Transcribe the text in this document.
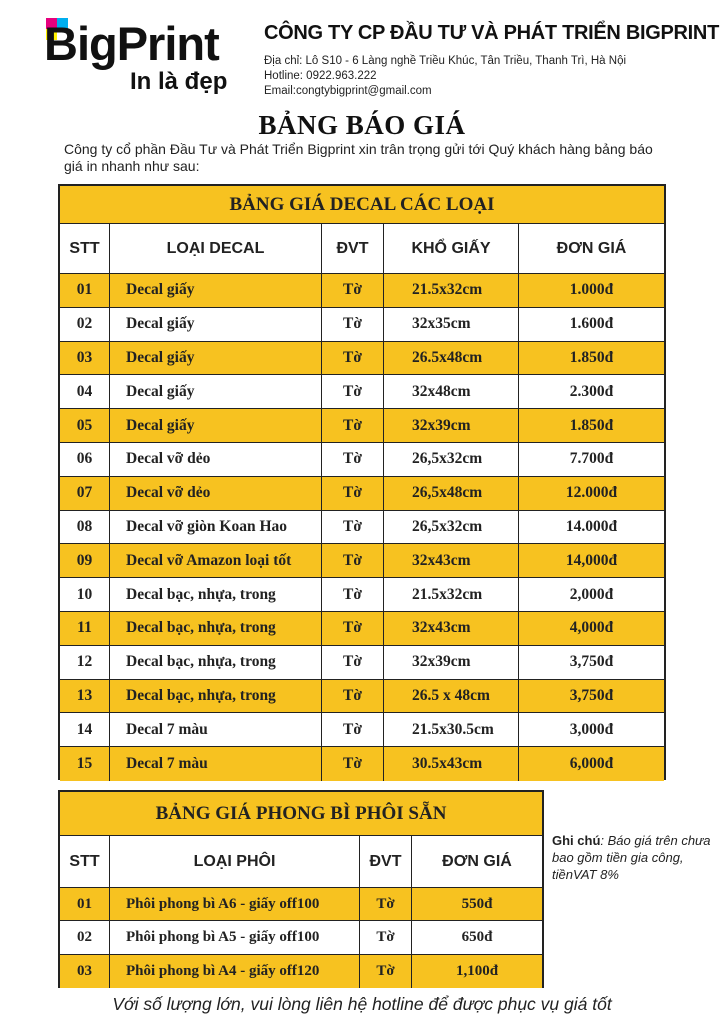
BigPrint
In là đẹp
CÔNG TY CP ĐẦU TƯ VÀ PHÁT TRIỂN BIGPRINT
Địa chỉ: Lô S10 - 6 Làng nghề Triều Khúc, Tân Triều, Thanh Trì, Hà Nội
Hotline: 0922.963.222
Email:congtybigprint@gmail.com
BẢNG BÁO GIÁ
Công ty cổ phần Đầu Tư và Phát Triển Bigprint xin trân trọng gửi tới Quý khách hàng bảng báo giá in nhanh như sau:
BẢNG GIÁ DECAL CÁC LOẠI
STT	LOẠI DECAL	ĐVT	KHỔ GIẤY	ĐƠN GIÁ
01	Decal giấy	Tờ	21.5x32cm	1.000đ
02	Decal giấy	Tờ	32x35cm	1.600đ
03	Decal giấy	Tờ	26.5x48cm	1.850đ
04	Decal giấy	Tờ	32x48cm	2.300đ
05	Decal giấy	Tờ	32x39cm	1.850đ
06	Decal vỡ dẻo	Tờ	26,5x32cm	7.700đ
07	Decal vỡ dẻo	Tờ	26,5x48cm	12.000đ
08	Decal vỡ giòn Koan Hao	Tờ	26,5x32cm	14.000đ
09	Decal vỡ Amazon loại tốt	Tờ	32x43cm	14,000đ
10	Decal bạc, nhựa, trong	Tờ	21.5x32cm	2,000đ
11	Decal bạc, nhựa, trong	Tờ	32x43cm	4,000đ
12	Decal bạc, nhựa, trong	Tờ	32x39cm	3,750đ
13	Decal bạc, nhựa, trong	Tờ	26.5 x 48cm	3,750đ
14	Decal 7 màu	Tờ	21.5x30.5cm	3,000đ
15	Decal 7 màu	Tờ	30.5x43cm	6,000đ
BẢNG GIÁ PHONG BÌ PHÔI SẴN
STT	LOẠI PHÔI	ĐVT	ĐƠN GIÁ
01	Phôi phong bì A6 - giấy off100	Tờ	550đ
02	Phôi phong bì A5 - giấy off100	Tờ	650đ
03	Phôi phong bì A4 - giấy off120	Tờ	1,100đ
Ghi chú: Báo giá trên chưa bao gồm tiền gia công, tiềnVAT 8%
Với số lượng lớn, vui lòng liên hệ hotline để được phục vụ giá tốt
